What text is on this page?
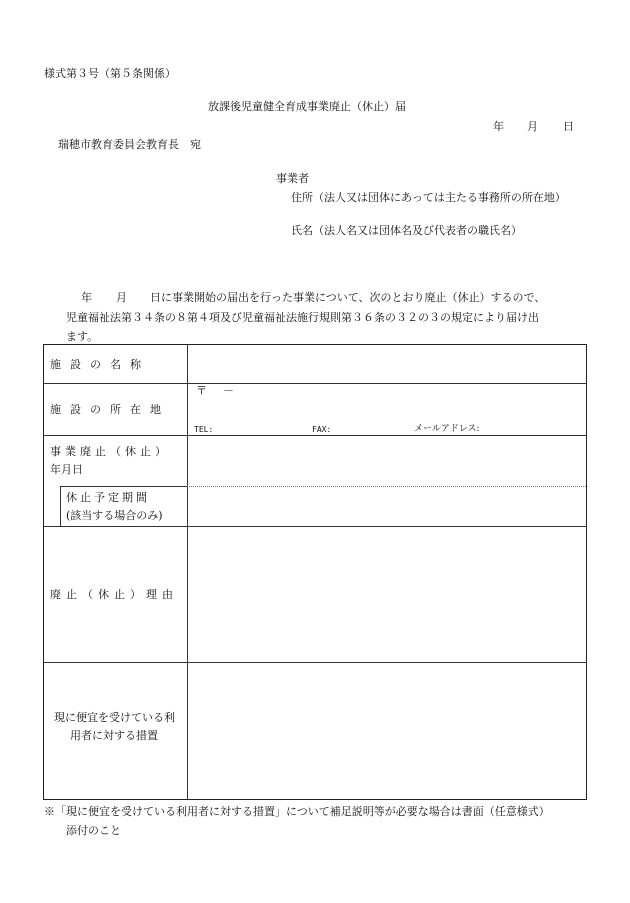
様式第３号（第５条関係）
放課後児童健全育成事業廃止（休止）届
年 月 日
瑞穂市教育委員会教育長　宛
事業者
住所（法人又は団体にあっては主たる事務所の所在地）
氏名（法人名又は団体名及び代表者の職氏名）
年 月 日に事業開始の届出を行った事業について、次のとおり廃止（休止）するので、
児童福祉法第３４条の８第４項及び児童福祉法施行規則第３６条の３２の３の規定により届け出
ます。
施設の名称
施設の所在地
〒 －
TEL:	FAX:	メールアドレス:
事業廃止（休止）
年月日
休止予定期間
(該当する場合のみ)
廃止（休止）理由
現に便宜を受けている利
用者に対する措置
※「現に便宜を受けている利用者に対する措置」について補足説明等が必要な場合は書面（任意様式）
添付のこと
